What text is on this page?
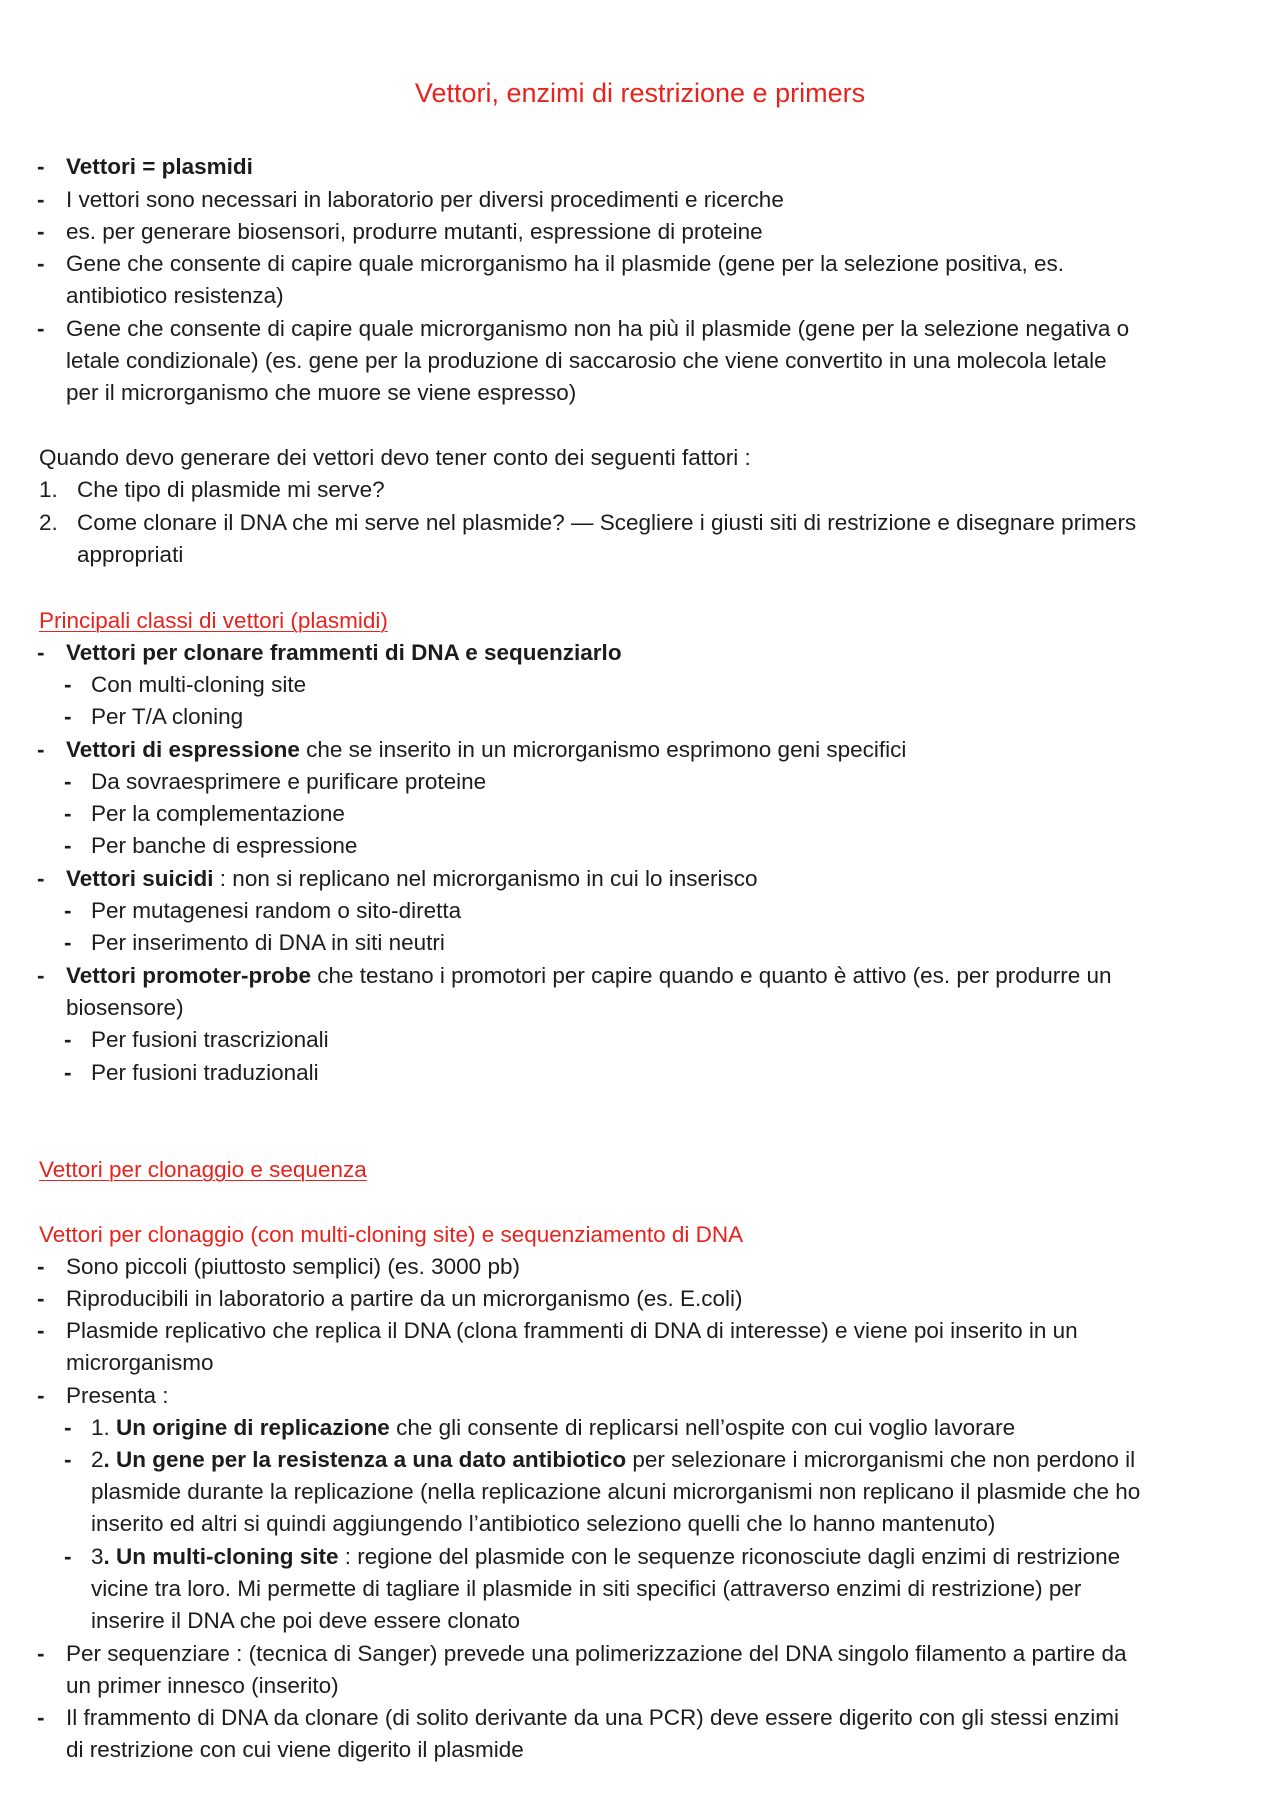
Vettori, enzimi di restrizione e primers
- Vettori = plasmidi
- I vettori sono necessari in laboratorio per diversi procedimenti e ricerche
- es. per generare biosensori, produrre mutanti, espressione di proteine
- Gene che consente di capire quale microrganismo ha il plasmide (gene per la selezione positiva, es.
antibiotico resistenza)
- Gene che consente di capire quale microrganismo non ha più il plasmide (gene per la selezione negativa o
letale condizionale) (es. gene per la produzione di saccarosio che viene convertito in una molecola letale
per il microrganismo che muore se viene espresso)
Quando devo generare dei vettori devo tener conto dei seguenti fattori :
1. Che tipo di plasmide mi serve?
2. Come clonare il DNA che mi serve nel plasmide? — Scegliere i giusti siti di restrizione e disegnare primers
appropriati
Principali classi di vettori (plasmidi)
- Vettori per clonare frammenti di DNA e sequenziarlo
- Con multi-cloning site
- Per T/A cloning
- Vettori di espressione che se inserito in un microrganismo esprimono geni specifici
- Da sovraesprimere e purificare proteine
- Per la complementazione
- Per banche di espressione
- Vettori suicidi : non si replicano nel microrganismo in cui lo inserisco
- Per mutagenesi random o sito-diretta
- Per inserimento di DNA in siti neutri
- Vettori promoter-probe che testano i promotori per capire quando e quanto è attivo (es. per produrre un
biosensore)
- Per fusioni trascrizionali
- Per fusioni traduzionali
Vettori per clonaggio e sequenza
Vettori per clonaggio (con multi-cloning site) e sequenziamento di DNA
- Sono piccoli (piuttosto semplici) (es. 3000 pb)
- Riproducibili in laboratorio a partire da un microrganismo (es. E.coli)
- Plasmide replicativo che replica il DNA (clona frammenti di DNA di interesse) e viene poi inserito in un
microrganismo
- Presenta :
- 1. Un origine di replicazione che gli consente di replicarsi nell’ospite con cui voglio lavorare
- 2. Un gene per la resistenza a una dato antibiotico per selezionare i microrganismi che non perdono il
plasmide durante la replicazione (nella replicazione alcuni microrganismi non replicano il plasmide che ho
inserito ed altri si quindi aggiungendo l’antibiotico seleziono quelli che lo hanno mantenuto)
- 3. Un multi-cloning site : regione del plasmide con le sequenze riconosciute dagli enzimi di restrizione
vicine tra loro. Mi permette di tagliare il plasmide in siti specifici (attraverso enzimi di restrizione) per
inserire il DNA che poi deve essere clonato
- Per sequenziare : (tecnica di Sanger) prevede una polimerizzazione del DNA singolo filamento a partire da
un primer innesco (inserito)
- Il frammento di DNA da clonare (di solito derivante da una PCR) deve essere digerito con gli stessi enzimi
di restrizione con cui viene digerito il plasmide
